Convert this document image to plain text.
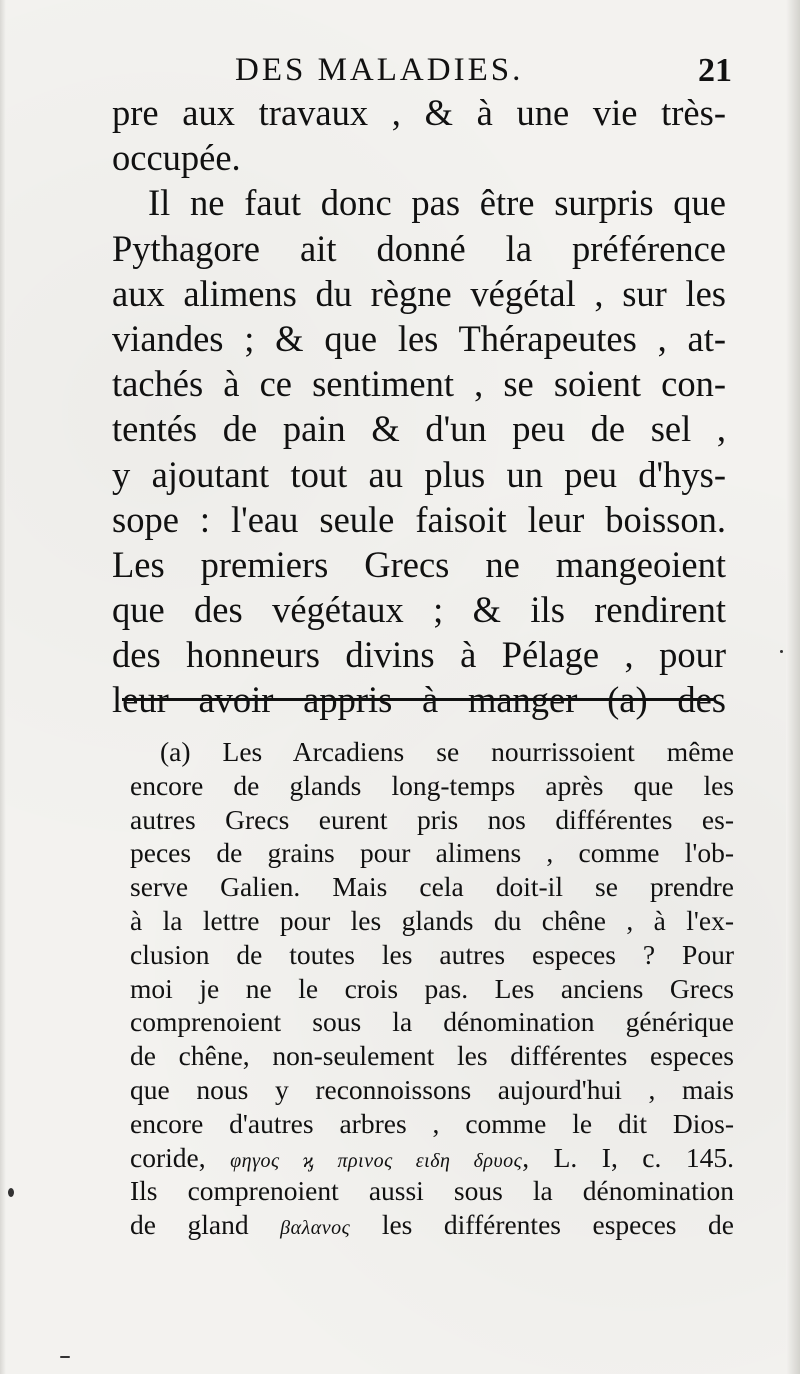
DES MALADIES.	21
pre aux travaux , & à une vie très-
occupée.
Il ne faut donc pas être surpris que
Pythagore ait donné la préférence
aux alimens du règne végétal , sur les
viandes ; & que les Thérapeutes , at-
tachés à ce sentiment , se soient con-
tentés de pain & d'un peu de sel ,
y ajoutant tout au plus un peu d'hys-
sope : l'eau seule faisoit leur boisson.
Les premiers Grecs ne mangeoient
que des végétaux ; & ils rendirent
des honneurs divins à Pélage , pour
leur avoir appris à manger (a) des
(a) Les Arcadiens se nourrissoient même
encore de glands long-temps après que les
autres Grecs eurent pris nos différentes es-
peces de grains pour alimens , comme l'ob-
serve Galien. Mais cela doit-il se prendre
à la lettre pour les glands du chêne , à l'ex-
clusion de toutes les autres especes ? Pour
moi je ne le crois pas. Les anciens Grecs
comprenoient sous la dénomination générique
de chêne, non-seulement les différentes especes
que nous y reconnoissons aujourd'hui , mais
encore d'autres arbres , comme le dit Dios-
coride, φηγος ϗ πρινος ειδη δρυος, L. I, c. 145.
Ils comprenoient aussi sous la dénomination
de gland βαλανος les différentes especes de
